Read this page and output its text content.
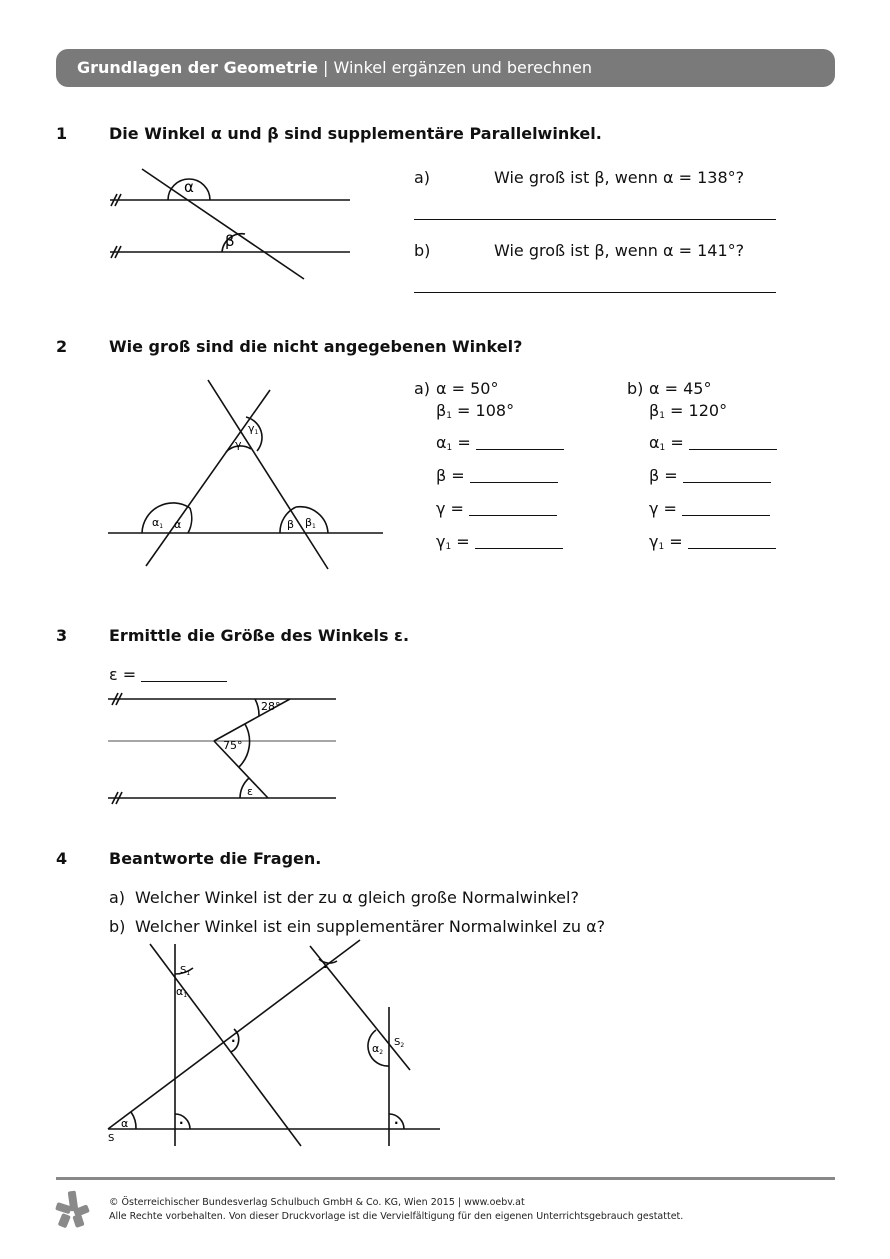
Grundlagen der Geometrie | Winkel ergänzen und berechnen
1	Die Winkel α und β sind supplementäre Parallelwinkel.
α
β
a)	Wie groß ist β, wenn α = 138°?
b)	Wie groß ist β, wenn α = 141°?
2	Wie groß sind die nicht angegebenen Winkel?
α1 α	β β1
γ
γ1
a) α = 50°
$\beta_1 = 108^\circ$
$\alpha_1$ =
β =
γ =
$\gamma_1$ =
b) α = 45°
$\beta_1 = 120^\circ$
$\alpha_1$ =
β =
γ =
$\gamma_1$ =
3	Ermittle die Größe des Winkels ε.
ε =
28°
75°
ε
4	Beantworte die Fragen.
a) Welcher Winkel ist der zu α gleich große Normalwinkel?
b) Welcher Winkel ist ein supplementärer Normalwinkel zu α?
$S_1$
α1
S
α
$S_2$
α2
·	·
·
·
© Österreichischer Bundesverlag Schulbuch GmbH & Co. KG, Wien 2015 | www.oebv.at
Alle Rechte vorbehalten. Von dieser Druckvorlage ist die Vervielfältigung für den eigenen Unterrichtsgebrauch gestattet.
